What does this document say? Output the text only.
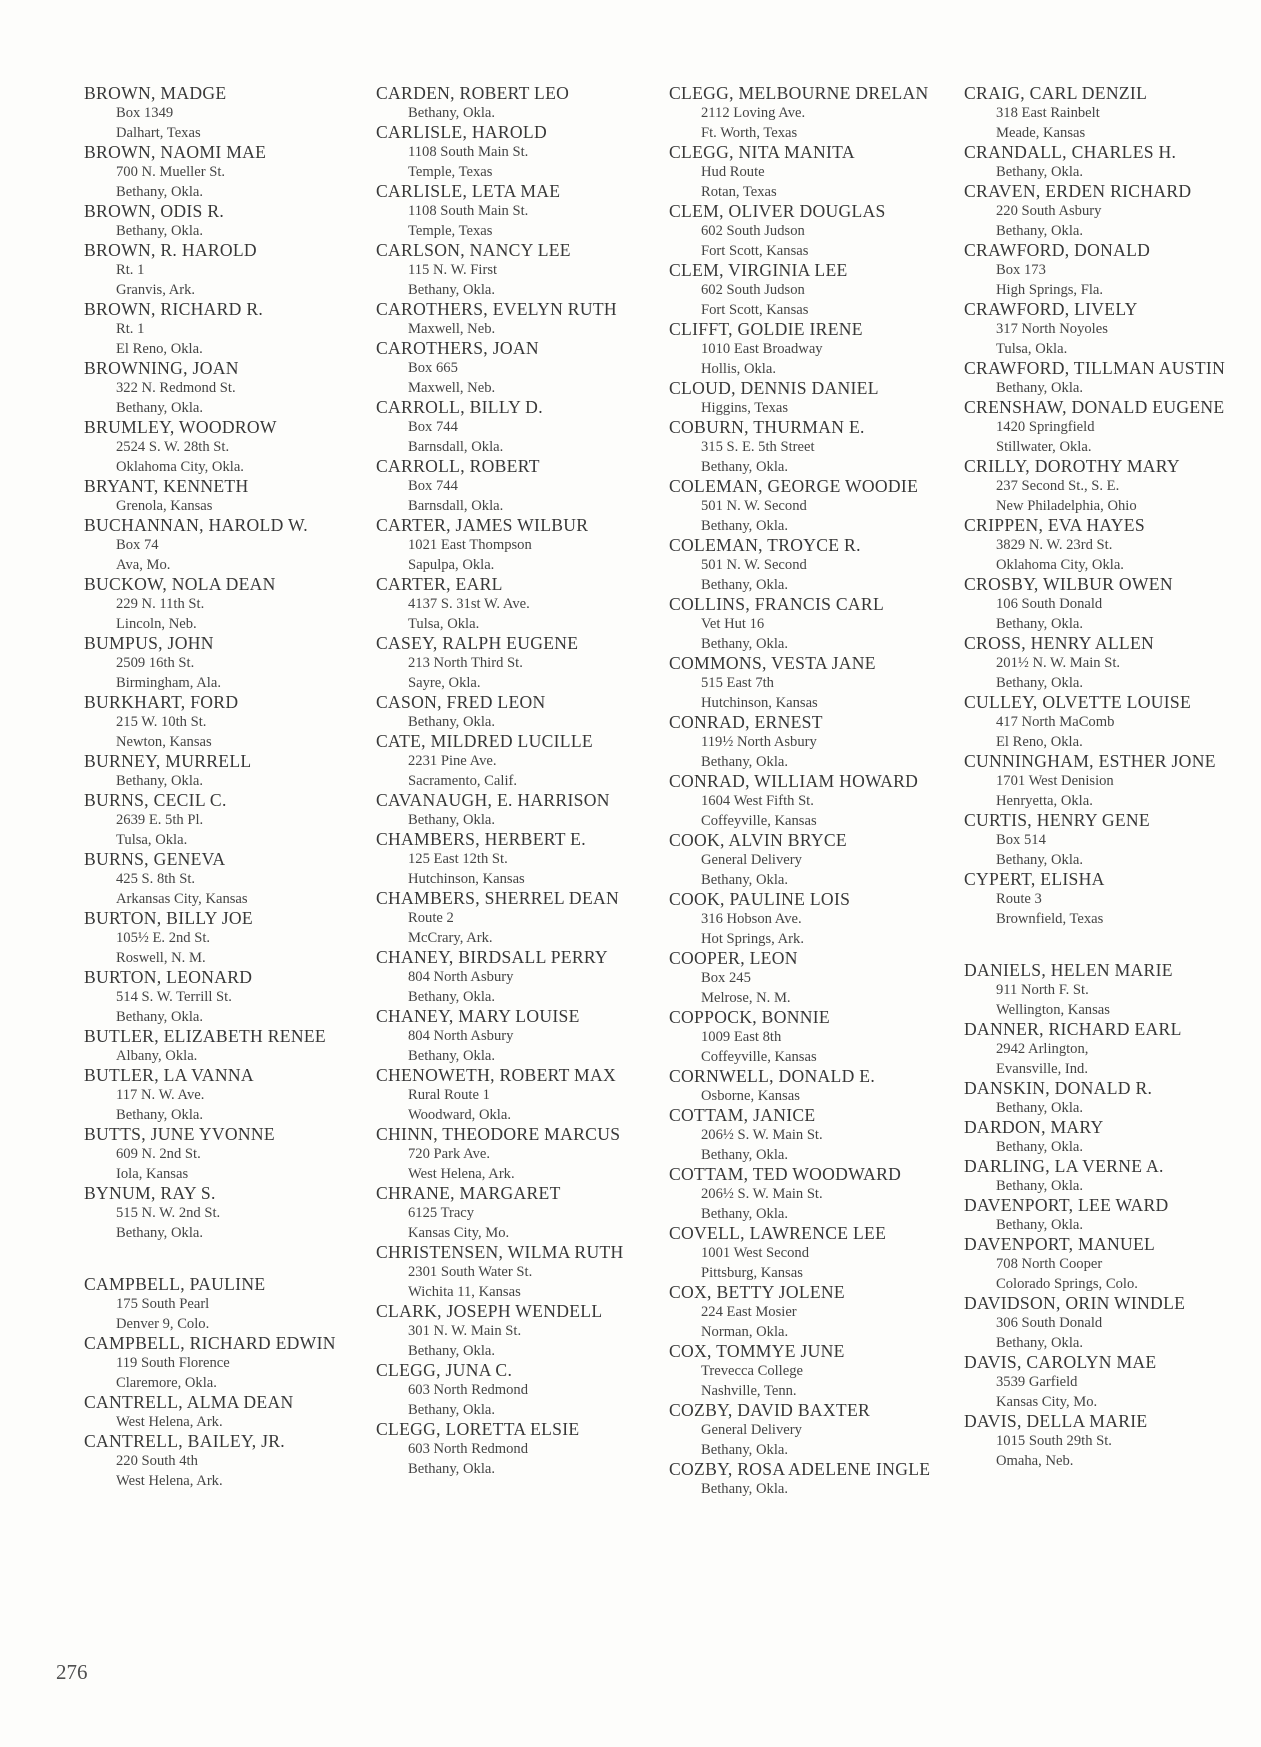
BROWN, MADGE
Box 1349
Dalhart, Texas
BROWN, NAOMI MAE
700 N. Mueller St.
Bethany, Okla.
BROWN, ODIS R.
Bethany, Okla.
BROWN, R. HAROLD
Rt. 1
Granvis, Ark.
BROWN, RICHARD R.
Rt. 1
El Reno, Okla.
BROWNING, JOAN
322 N. Redmond St.
Bethany, Okla.
BRUMLEY, WOODROW
2524 S. W. 28th St.
Oklahoma City, Okla.
BRYANT, KENNETH
Grenola, Kansas
BUCHANNAN, HAROLD W.
Box 74
Ava, Mo.
BUCKOW, NOLA DEAN
229 N. 11th St.
Lincoln, Neb.
BUMPUS, JOHN
2509 16th St.
Birmingham, Ala.
BURKHART, FORD
215 W. 10th St.
Newton, Kansas
BURNEY, MURRELL
Bethany, Okla.
BURNS, CECIL C.
2639 E. 5th Pl.
Tulsa, Okla.
BURNS, GENEVA
425 S. 8th St.
Arkansas City, Kansas
BURTON, BILLY JOE
105½ E. 2nd St.
Roswell, N. M.
BURTON, LEONARD
514 S. W. Terrill St.
Bethany, Okla.
BUTLER, ELIZABETH RENEE
Albany, Okla.
BUTLER, LA VANNA
117 N. W. Ave.
Bethany, Okla.
BUTTS, JUNE YVONNE
609 N. 2nd St.
Iola, Kansas
BYNUM, RAY S.
515 N. W. 2nd St.
Bethany, Okla.
CAMPBELL, PAULINE
175 South Pearl
Denver 9, Colo.
CAMPBELL, RICHARD EDWIN
119 South Florence
Claremore, Okla.
CANTRELL, ALMA DEAN
West Helena, Ark.
CANTRELL, BAILEY, JR.
220 South 4th
West Helena, Ark.
CARDEN, ROBERT LEO
Bethany, Okla.
CARLISLE, HAROLD
1108 South Main St.
Temple, Texas
CARLISLE, LETA MAE
1108 South Main St.
Temple, Texas
CARLSON, NANCY LEE
115 N. W. First
Bethany, Okla.
CAROTHERS, EVELYN RUTH
Maxwell, Neb.
CAROTHERS, JOAN
Box 665
Maxwell, Neb.
CARROLL, BILLY D.
Box 744
Barnsdall, Okla.
CARROLL, ROBERT
Box 744
Barnsdall, Okla.
CARTER, JAMES WILBUR
1021 East Thompson
Sapulpa, Okla.
CARTER, EARL
4137 S. 31st W. Ave.
Tulsa, Okla.
CASEY, RALPH EUGENE
213 North Third St.
Sayre, Okla.
CASON, FRED LEON
Bethany, Okla.
CATE, MILDRED LUCILLE
2231 Pine Ave.
Sacramento, Calif.
CAVANAUGH, E. HARRISON
Bethany, Okla.
CHAMBERS, HERBERT E.
125 East 12th St.
Hutchinson, Kansas
CHAMBERS, SHERREL DEAN
Route 2
McCrary, Ark.
CHANEY, BIRDSALL PERRY
804 North Asbury
Bethany, Okla.
CHANEY, MARY LOUISE
804 North Asbury
Bethany, Okla.
CHENOWETH, ROBERT MAX
Rural Route 1
Woodward, Okla.
CHINN, THEODORE MARCUS
720 Park Ave.
West Helena, Ark.
CHRANE, MARGARET
6125 Tracy
Kansas City, Mo.
CHRISTENSEN, WILMA RUTH
2301 South Water St.
Wichita 11, Kansas
CLARK, JOSEPH WENDELL
301 N. W. Main St.
Bethany, Okla.
CLEGG, JUNA C.
603 North Redmond
Bethany, Okla.
CLEGG, LORETTA ELSIE
603 North Redmond
Bethany, Okla.
CLEGG, MELBOURNE DRELAN
2112 Loving Ave.
Ft. Worth, Texas
CLEGG, NITA MANITA
Hud Route
Rotan, Texas
CLEM, OLIVER DOUGLAS
602 South Judson
Fort Scott, Kansas
CLEM, VIRGINIA LEE
602 South Judson
Fort Scott, Kansas
CLIFFT, GOLDIE IRENE
1010 East Broadway
Hollis, Okla.
CLOUD, DENNIS DANIEL
Higgins, Texas
COBURN, THURMAN E.
315 S. E. 5th Street
Bethany, Okla.
COLEMAN, GEORGE WOODIE
501 N. W. Second
Bethany, Okla.
COLEMAN, TROYCE R.
501 N. W. Second
Bethany, Okla.
COLLINS, FRANCIS CARL
Vet Hut 16
Bethany, Okla.
COMMONS, VESTA JANE
515 East 7th
Hutchinson, Kansas
CONRAD, ERNEST
119½ North Asbury
Bethany, Okla.
CONRAD, WILLIAM HOWARD
1604 West Fifth St.
Coffeyville, Kansas
COOK, ALVIN BRYCE
General Delivery
Bethany, Okla.
COOK, PAULINE LOIS
316 Hobson Ave.
Hot Springs, Ark.
COOPER, LEON
Box 245
Melrose, N. M.
COPPOCK, BONNIE
1009 East 8th
Coffeyville, Kansas
CORNWELL, DONALD E.
Osborne, Kansas
COTTAM, JANICE
206½ S. W. Main St.
Bethany, Okla.
COTTAM, TED WOODWARD
206½ S. W. Main St.
Bethany, Okla.
COVELL, LAWRENCE LEE
1001 West Second
Pittsburg, Kansas
COX, BETTY JOLENE
224 East Mosier
Norman, Okla.
COX, TOMMYE JUNE
Trevecca College
Nashville, Tenn.
COZBY, DAVID BAXTER
General Delivery
Bethany, Okla.
COZBY, ROSA ADELENE INGLE
Bethany, Okla.
CRAIG, CARL DENZIL
318 East Rainbelt
Meade, Kansas
CRANDALL, CHARLES H.
Bethany, Okla.
CRAVEN, ERDEN RICHARD
220 South Asbury
Bethany, Okla.
CRAWFORD, DONALD
Box 173
High Springs, Fla.
CRAWFORD, LIVELY
317 North Noyoles
Tulsa, Okla.
CRAWFORD, TILLMAN AUSTIN
Bethany, Okla.
CRENSHAW, DONALD EUGENE
1420 Springfield
Stillwater, Okla.
CRILLY, DOROTHY MARY
237 Second St., S. E.
New Philadelphia, Ohio
CRIPPEN, EVA HAYES
3829 N. W. 23rd St.
Oklahoma City, Okla.
CROSBY, WILBUR OWEN
106 South Donald
Bethany, Okla.
CROSS, HENRY ALLEN
201½ N. W. Main St.
Bethany, Okla.
CULLEY, OLVETTE LOUISE
417 North MaComb
El Reno, Okla.
CUNNINGHAM, ESTHER JONE
1701 West Denision
Henryetta, Okla.
CURTIS, HENRY GENE
Box 514
Bethany, Okla.
CYPERT, ELISHA
Route 3
Brownfield, Texas
DANIELS, HELEN MARIE
911 North F. St.
Wellington, Kansas
DANNER, RICHARD EARL
2942 Arlington,
Evansville, Ind.
DANSKIN, DONALD R.
Bethany, Okla.
DARDON, MARY
Bethany, Okla.
DARLING, LA VERNE A.
Bethany, Okla.
DAVENPORT, LEE WARD
Bethany, Okla.
DAVENPORT, MANUEL
708 North Cooper
Colorado Springs, Colo.
DAVIDSON, ORIN WINDLE
306 South Donald
Bethany, Okla.
DAVIS, CAROLYN MAE
3539 Garfield
Kansas City, Mo.
DAVIS, DELLA MARIE
1015 South 29th St.
Omaha, Neb.
276
